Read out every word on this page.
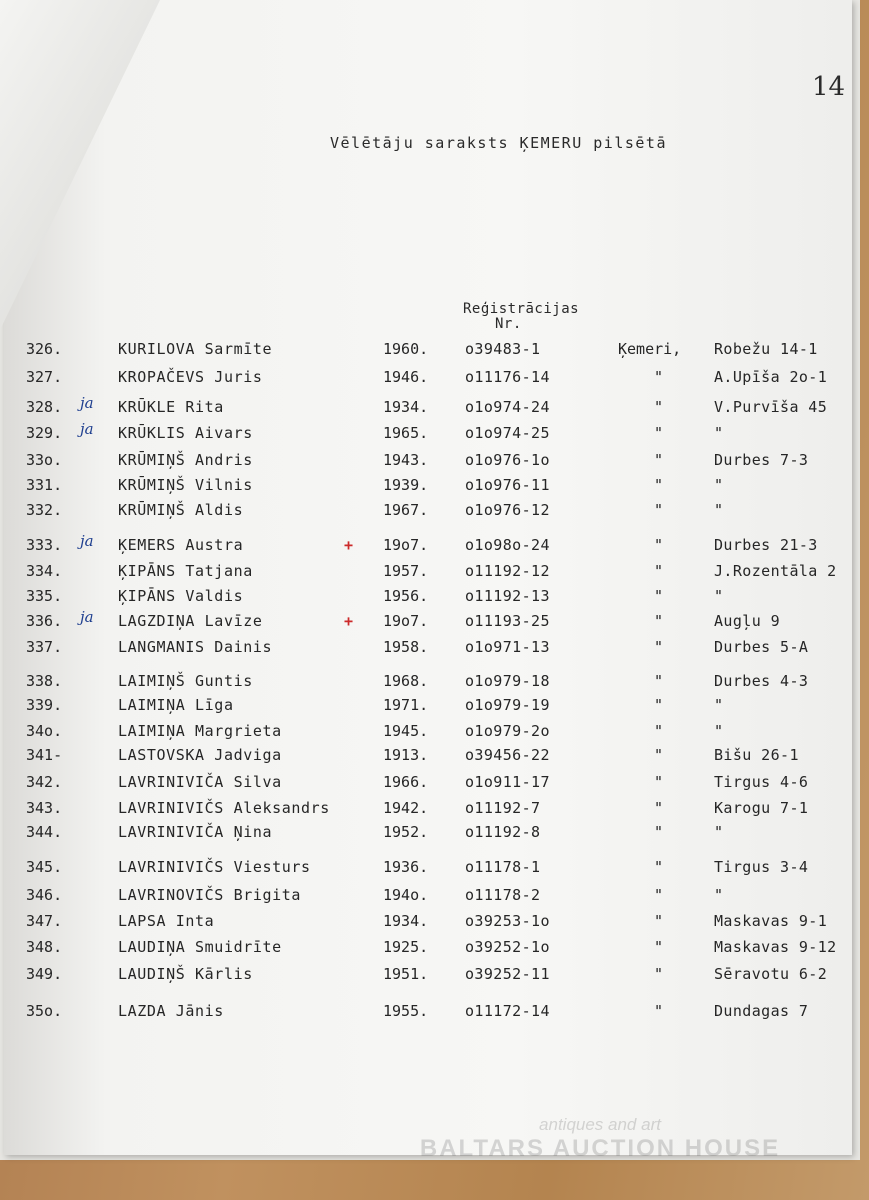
14
Vēlētāju saraksts ĶEMERU pilsētā
Reģistrācijas
Nr.
326.	KURILOVA Sarmīte	1960. o39483-1	Ķemeri, Robežu 14-1
327.	KROPAČEVS Juris	1946. o11176-14	"	A.Upīša 2o-1
328. ja KRŪKLE Rita	1934. o1o974-24	"	V.Purvīša 45
329. ja KRŪKLIS Aivars	1965. o1o974-25	"	"
33o.	KRŪMIŅŠ Andris	1943. o1o976-1o	"	Durbes 7-3
331.	KRŪMIŅŠ Vilnis	1939. o1o976-11	"	"
332.	KRŪMIŅŠ Aldis	1967. o1o976-12	"	"
333. ja ĶEMERS Austra	+ 19o7. o1o98o-24	"	Durbes 21-3
334.	ĶIPĀNS Tatjana	1957. o11192-12	"	J.Rozentāla 2
335.	ĶIPĀNS Valdis	1956. o11192-13	"	"
336. ja LAGZDIŅA Lavīze	+ 19o7. o11193-25	"	Augļu 9
337.	LANGMANIS Dainis	1958. o1o971-13	"	Durbes 5-A
338.	LAIMIŅŠ Guntis	1968. o1o979-18	"	Durbes 4-3
339.	LAIMIŅA Līga	1971. o1o979-19	"	"
34o.	LAIMIŅA Margrieta	1945. o1o979-2o	"	"
341-	LASTOVSKA Jadviga	1913. o39456-22	"	Bišu 26-1
342.	LAVRINIVIČA Silva	1966. o1o911-17	"	Tirgus 4-6
343.	LAVRINIVIČS Aleksandrs	1942. o11192-7	"	Karogu 7-1
344.	LAVRINIVIČA Ņina	1952. o11192-8	"	"
345.	LAVRINIVIČS Viesturs	1936. o11178-1	"	Tirgus 3-4
346.	LAVRINOVIČS Brigita	194o. o11178-2	"	"
347.	LAPSA Inta	1934. o39253-1o	"	Maskavas 9-1
348.	LAUDIŅA Smuidrīte	1925. o39252-1o	"	Maskavas 9-12
349.	LAUDIŅŠ Kārlis	1951. o39252-11	"	Sēravotu 6-2
35o.	LAZDA Jānis	1955. o11172-14	"	Dundagas 7
antiques and art
BALTARS AUCTION HOUSE
